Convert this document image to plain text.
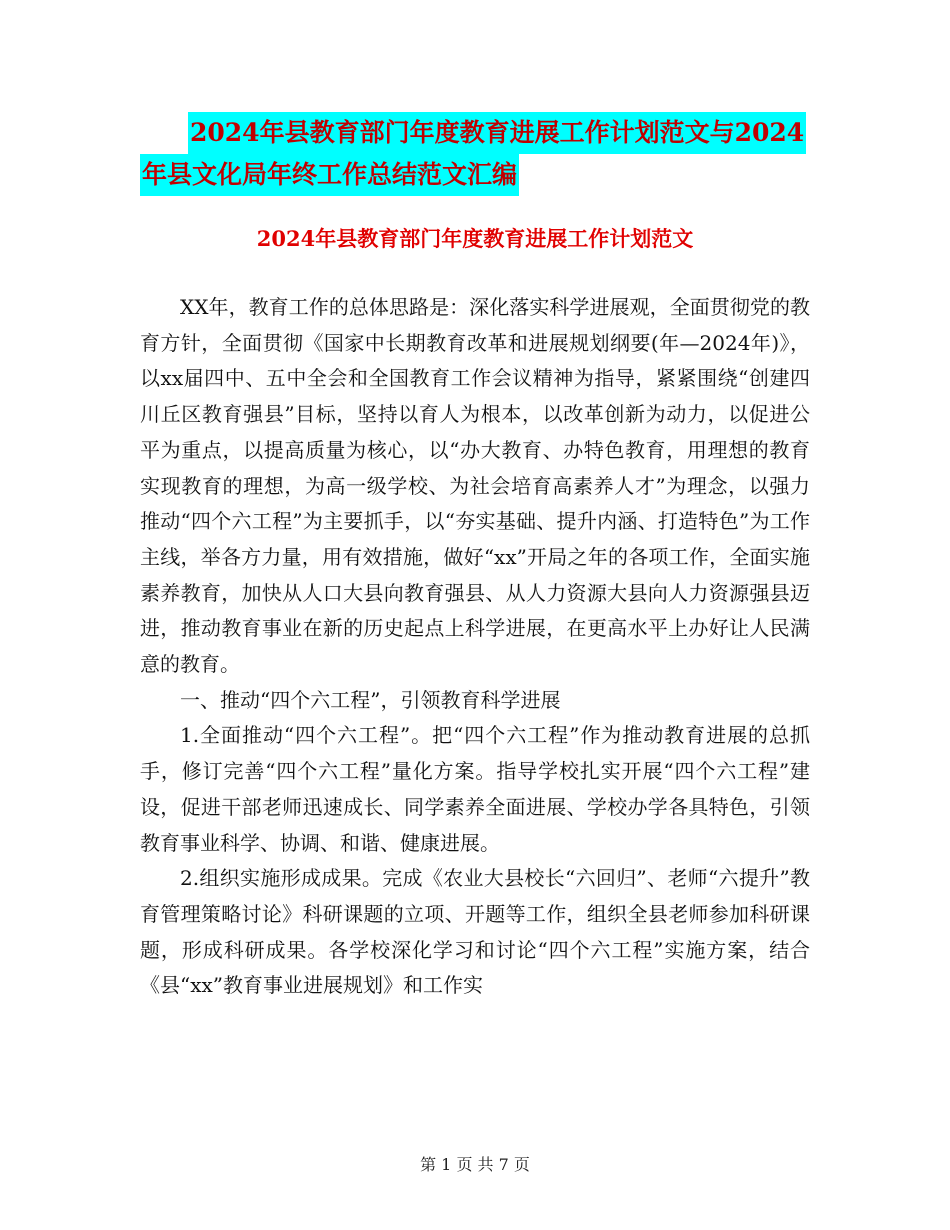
2024年县教育部门年度教育进展工作计划范文与2024
年县文化局年终工作总结范文汇编
2024年县教育部门年度教育进展工作计划范文

XX年，教育工作的总体思路是：深化落实科学进展观，全面贯彻党的教育方针，全面贯彻《国家中长期教育改革和进展规划纲要(年—2024年)》，以xx届四中、五中全会和全国教育工作会议精神为指导，紧紧围绕“创建四川丘区教育强县”目标，坚持以育人为根本，以改革创新为动力，以促进公平为重点，以提高质量为核心，以“办大教育、办特色教育，用理想的教育实现教育的理想，为高一级学校、为社会培育高素养人才”为理念，以强力推动“四个六工程”为主要抓手，以“夯实基础、提升内涵、打造特色”为工作主线，举各方力量，用有效措施，做好“xx”开局之年的各项工作，全面实施素养教育，加快从人口大县向教育强县、从人力资源大县向人力资源强县迈进，推动教育事业在新的历史起点上科学进展，在更高水平上办好让人民满意的教育。

一、推动“四个六工程”，引领教育科学进展

1.全面推动“四个六工程”。把“四个六工程”作为推动教育进展的总抓手，修订完善“四个六工程”量化方案。指导学校扎实开展“四个六工程”建设，促进干部老师迅速成长、同学素养全面进展、学校办学各具特色，引领教育事业科学、协调、和谐、健康进展。

2.组织实施形成成果。完成《农业大县校长“六回归”、老师“六提升”教育管理策略讨论》科研课题的立项、开题等工作，组织全县老师参加科研课题，形成科研成果。各学校深化学习和讨论“四个六工程”实施方案，结合《县“xx”教育事业进展规划》和工作实

第 1 页 共 7 页
